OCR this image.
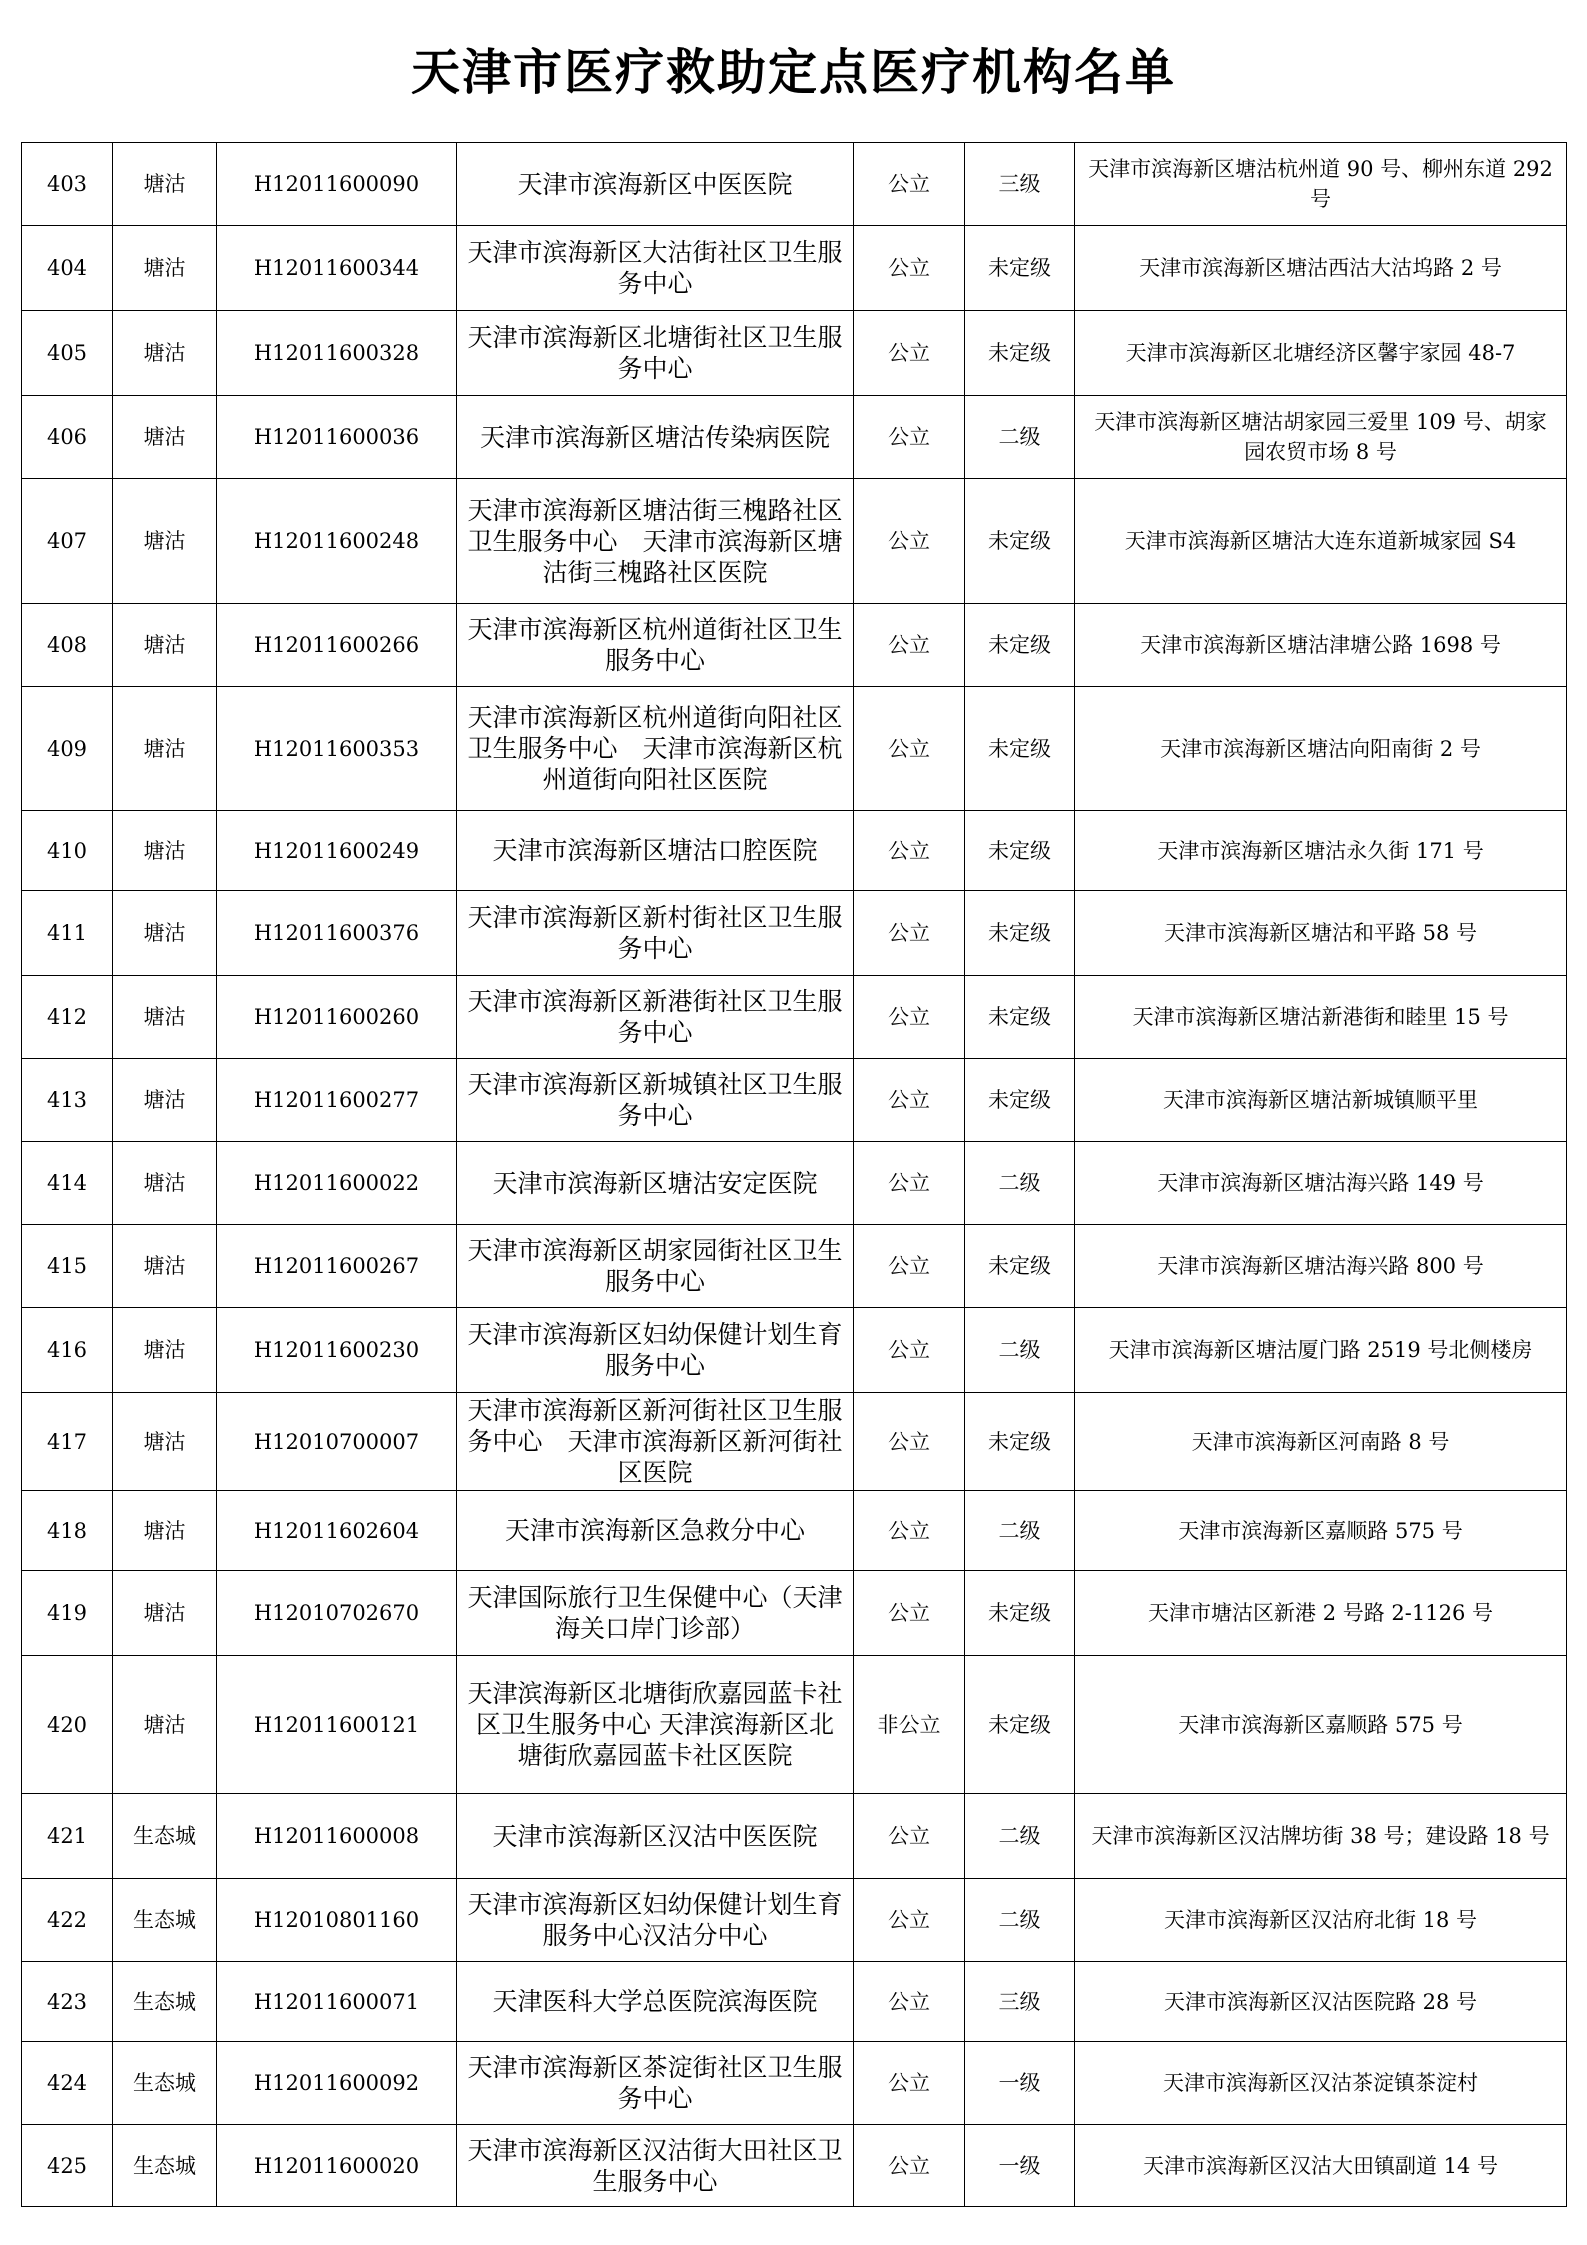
天津市医疗救助定点医疗机构名单
403	塘沽	H12011600090	天津市滨海新区中医医院	公立	三级	天津市滨海新区塘沽杭州道 90 号、柳州东道 292 号
404	塘沽	H12011600344	天津市滨海新区大沽街社区卫生服务中心	公立	未定级	天津市滨海新区塘沽西沽大沽坞路 2 号
405	塘沽	H12011600328	天津市滨海新区北塘街社区卫生服务中心	公立	未定级	天津市滨海新区北塘经济区馨宇家园 48-7
406	塘沽	H12011600036	天津市滨海新区塘沽传染病医院	公立	二级	天津市滨海新区塘沽胡家园三爱里 109 号、胡家园农贸市场 8 号
407	塘沽	H12011600248	天津市滨海新区塘沽街三槐路社区卫生服务中心　天津市滨海新区塘沽街三槐路社区医院	公立	未定级	天津市滨海新区塘沽大连东道新城家园 S4
408	塘沽	H12011600266	天津市滨海新区杭州道街社区卫生服务中心	公立	未定级	天津市滨海新区塘沽津塘公路 1698 号
409	塘沽	H12011600353	天津市滨海新区杭州道街向阳社区卫生服务中心　天津市滨海新区杭州道街向阳社区医院	公立	未定级	天津市滨海新区塘沽向阳南街 2 号
410	塘沽	H12011600249	天津市滨海新区塘沽口腔医院	公立	未定级	天津市滨海新区塘沽永久街 171 号
411	塘沽	H12011600376	天津市滨海新区新村街社区卫生服务中心	公立	未定级	天津市滨海新区塘沽和平路 58 号
412	塘沽	H12011600260	天津市滨海新区新港街社区卫生服务中心	公立	未定级	天津市滨海新区塘沽新港街和睦里 15 号
413	塘沽	H12011600277	天津市滨海新区新城镇社区卫生服务中心	公立	未定级	天津市滨海新区塘沽新城镇顺平里
414	塘沽	H12011600022	天津市滨海新区塘沽安定医院	公立	二级	天津市滨海新区塘沽海兴路 149 号
415	塘沽	H12011600267	天津市滨海新区胡家园街社区卫生服务中心	公立	未定级	天津市滨海新区塘沽海兴路 800 号
416	塘沽	H12011600230	天津市滨海新区妇幼保健计划生育服务中心	公立	二级	天津市滨海新区塘沽厦门路 2519 号北侧楼房
417	塘沽	H12010700007	天津市滨海新区新河街社区卫生服务中心　天津市滨海新区新河街社区医院	公立	未定级	天津市滨海新区河南路 8 号
418	塘沽	H12011602604	天津市滨海新区急救分中心	公立	二级	天津市滨海新区嘉顺路 575 号
419	塘沽	H12010702670	天津国际旅行卫生保健中心（天津海关口岸门诊部）	公立	未定级	天津市塘沽区新港 2 号路 2-1126 号
420	塘沽	H12011600121	天津滨海新区北塘街欣嘉园蓝卡社区卫生服务中心 天津滨海新区北塘街欣嘉园蓝卡社区医院	非公立	未定级	天津市滨海新区嘉顺路 575 号
421	生态城	H12011600008	天津市滨海新区汉沽中医医院	公立	二级	天津市滨海新区汉沽牌坊街 38 号；建设路 18 号
422	生态城	H12010801160	天津市滨海新区妇幼保健计划生育服务中心汉沽分中心	公立	二级	天津市滨海新区汉沽府北街 18 号
423	生态城	H12011600071	天津医科大学总医院滨海医院	公立	三级	天津市滨海新区汉沽医院路 28 号
424	生态城	H12011600092	天津市滨海新区茶淀街社区卫生服务中心	公立	一级	天津市滨海新区汉沽茶淀镇茶淀村
425	生态城	H12011600020	天津市滨海新区汉沽街大田社区卫生服务中心	公立	一级	天津市滨海新区汉沽大田镇副道 14 号
